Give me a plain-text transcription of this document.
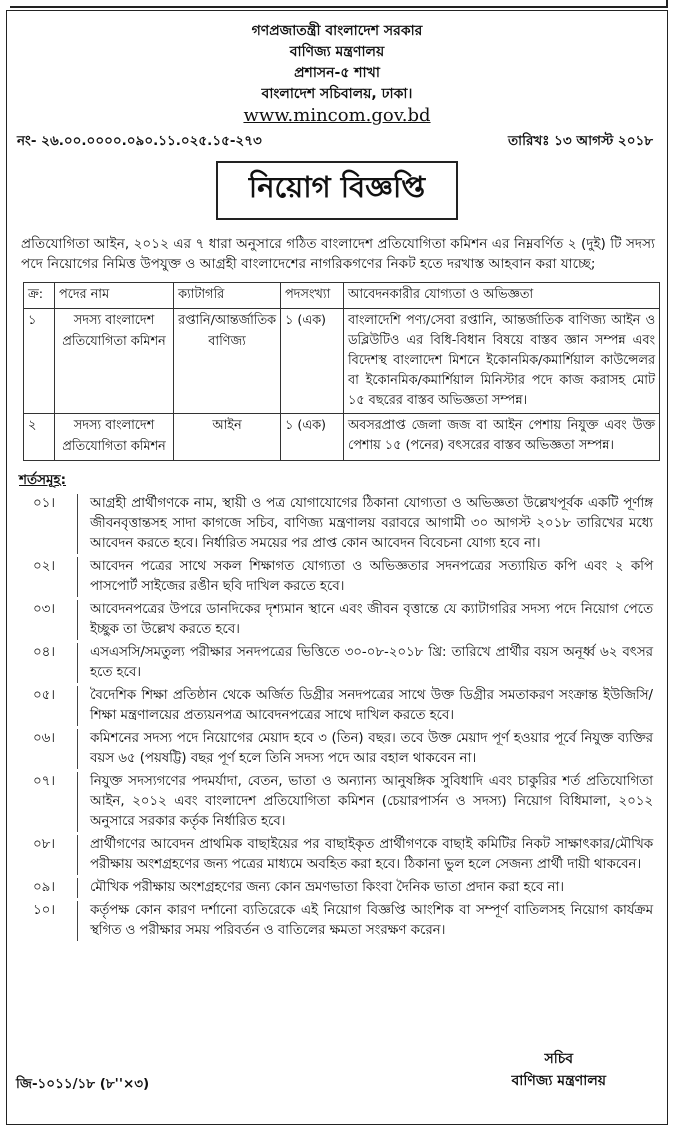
গণপ্রজাতন্ত্রী বাংলাদেশ সরকার
বাণিজ্য মন্ত্রণালয়
প্রশাসন-৫ শাখা
বাংলাদেশ সচিবালয়, ঢাকা।
www.mincom.gov.bd
নং- ২৬.০০.০০০০.০৯০.১১.০২৫.১৫-২৭৩	তারিখঃ ১৩ আগস্ট ২০১৮
নিয়োগ বিজ্ঞপ্তি
প্রতিযোগিতা আইন, ২০১২ এর ৭ ধারা অনুসারে গঠিত বাংলাদেশ প্রতিযোগিতা কমিশন এর নিম্নবর্ণিত ২ (দুই) টি সদস্য পদে নিয়োগের নিমিত্ত উপযুক্ত ও আগ্রহী বাংলাদেশের নাগরিকগণের নিকট হতে দরখাস্ত আহবান করা যাচ্ছে;
ক্র:	পদের নাম	ক্যাটাগরি	পদসংখ্যা	আবেদনকারীর যোগ্যতা ও অভিজ্ঞতা
১	সদস্য বাংলাদেশ প্রতিযোগিতা কমিশন	রপ্তানি/আন্তর্জাতিক বাণিজ্য	১ (এক)	বাংলাদেশি পণ্য/সেবা রপ্তানি, আন্তর্জাতিক বাণিজ্য আইন ও ডব্লিউটিও এর বিধি-বিধান বিষয়ে বাস্তব জ্ঞান সম্পন্ন এবং বিদেশস্থ বাংলাদেশ মিশনে ইকোনমিক/কমার্শিয়াল কাউন্সেলর বা ইকোনমিক/কমার্শিয়াল মিনিস্টার পদে কাজ করাসহ মোট ১৫ বছরের বাস্তব অভিজ্ঞতা সম্পন্ন।
২	সদস্য বাংলাদেশ প্রতিযোগিতা কমিশন	আইন	১ (এক)	অবসরপ্রাপ্ত জেলা জজ বা আইন পেশায় নিযুক্ত এবং উক্ত পেশায় ১৫ (পনের) বৎসরের বাস্তব অভিজ্ঞতা সম্পন্ন।
শর্তসমূহ:
০১।	আগ্রহী প্রার্থীগণকে নাম, স্থায়ী ও পত্র যোগাযোগের ঠিকানা যোগ্যতা ও অভিজ্ঞতা উল্লেখপূর্বক একটি পূর্ণাঙ্গ জীবনবৃত্তান্তসহ সাদা কাগজে সচিব, বাণিজ্য মন্ত্রণালয় বরাবরে আগামী ৩০ আগস্ট ২০১৮ তারিখের মধ্যে আবেদন করতে হবে। নির্ধারিত সময়ের পর প্রাপ্ত কোন আবেদন বিবেচনা যোগ্য হবে না।
০২।	আবেদন পত্রের সাথে সকল শিক্ষাগত যোগ্যতা ও অভিজ্ঞতার সদনপত্রের সত্যায়িত কপি এবং ২ কপি পাসপোর্ট সাইজের রঙীন ছবি দাখিল করতে হবে।
০৩।	আবেদনপত্রের উপরে ডানদিকের দৃশ্যমান স্থানে এবং জীবন বৃত্তান্তে যে ক্যাটাগরির সদস্য পদে নিয়োগ পেতে ইচ্ছুক তা উল্লেখ করতে হবে।
০৪।	এসএসসি/সমতুল্য পরীক্ষার সনদপত্রের ভিত্তিতে ৩০-০৮-২০১৮ খ্রি: তারিখে প্রার্থীর বয়স অনূর্ধ্ব ৬২ বৎসর হতে হবে।
০৫।	বৈদেশিক শিক্ষা প্রতিষ্ঠান থেকে অর্জিত ডিগ্রীর সনদপত্রের সাথে উক্ত ডিগ্রীর সমতাকরণ সংক্রান্ত ইউজিসি/শিক্ষা মন্ত্রণালয়ের প্রত্যয়নপত্র আবেদনপত্রের সাথে দাখিল করতে হবে।
০৬।	কমিশনের সদস্য পদে নিয়োগের মেয়াদ হবে ৩ (তিন) বছর। তবে উক্ত মেয়াদ পূর্ণ হওয়ার পূর্বে নিযুক্ত ব্যক্তির বয়স ৬৫ (পয়ষট্টি) বছর পূর্ণ হলে তিনি সদস্য পদে আর বহাল থাকবেন না।
০৭।	নিযুক্ত সদস্যগণের পদমর্যাদা, বেতন, ভাতা ও অন্যান্য আনুষঙ্গিক সুবিধাদি এবং চাকুরির শর্ত প্রতিযোগিতা আইন, ২০১২ এবং বাংলাদেশ প্রতিযোগিতা কমিশন (চেয়ারপার্সন ও সদস্য) নিয়োগ বিধিমালা, ২০১২ অনুসারে সরকার কর্তৃক নির্ধারিত হবে।
০৮।	প্রার্থীগণের আবেদন প্রাথমিক বাছাইয়ের পর বাছাইকৃত প্রার্থীগণকে বাছাই কমিটির নিকট সাক্ষাৎকার/মৌখিক পরীক্ষায় অংশগ্রহণের জন্য পত্রের মাধ্যমে অবহিত করা হবে। ঠিকানা ভুল হলে সেজন্য প্রার্থী দায়ী থাকবেন।
০৯।	মৌখিক পরীক্ষায় অংশগ্রহণের জন্য কোন ভ্রমণভাতা কিংবা দৈনিক ভাতা প্রদান করা হবে না।
১০।	কর্তৃপক্ষ কোন কারণ দর্শানো ব্যতিরেকে এই নিয়োগ বিজ্ঞপ্তি আংশিক বা সম্পূর্ণ বাতিলসহ নিয়োগ কার্যক্রম স্থগিত ও পরীক্ষার সময় পরিবর্তন ও বাতিলের ক্ষমতা সংরক্ষণ করেন।
সচিব
বাণিজ্য মন্ত্রণালয়
জি-১০১১/১৮ (৮''×৩)
